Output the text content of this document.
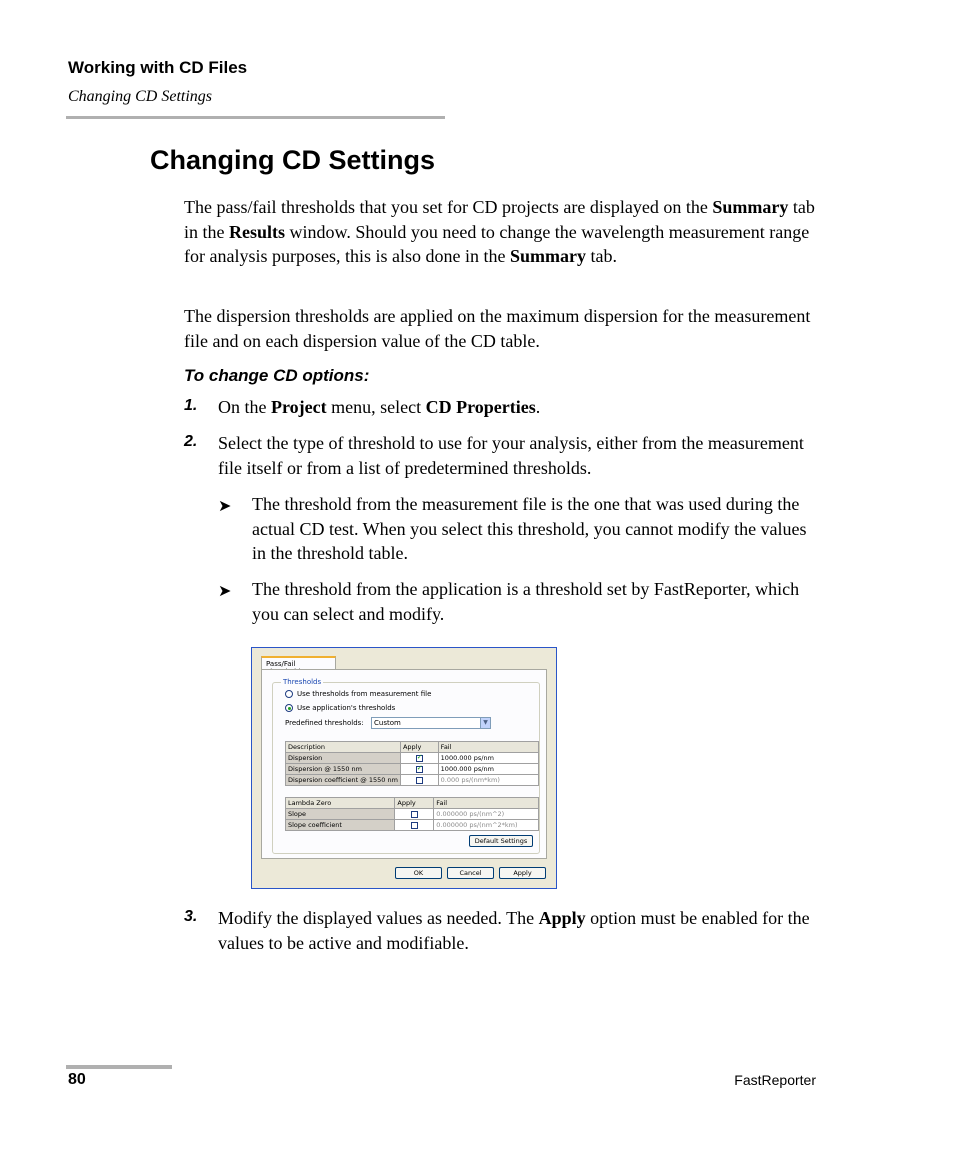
Working with CD Files
Changing CD Settings
Changing CD Settings

The pass/fail thresholds that you set for CD projects are displayed on the Summary tab in the Results window. Should you need to change the wavelength measurement range for analysis purposes, this is also done in the Summary tab.

The dispersion thresholds are applied on the maximum dispersion for the measurement file and on each dispersion value of the CD table.

To change CD options:
1. On the Project menu, select CD Properties.

2. Select the type of threshold to use for your analysis, either from the measurement file itself or from a list of predetermined thresholds.

➤ The threshold from the measurement file is the one that was used during the actual CD test. When you select this threshold, you cannot modify the values in the threshold table.

➤ The threshold from the application is a threshold set by FastReporter, which you can select and modify.

Pass/Fail
Thresholds
Use thresholds from measurement file
Use application's thresholds
Predefined thresholds:	Custom	▼
Description	Apply	Fail
Dispersion	✓	1000.000 ps/nm
Dispersion @ 1550 nm	✓	1000.000 ps/nm
Dispersion coefficient @ 1550 nm		0.000 ps/(nm*km)
Lambda Zero	Apply	Fail
Slope		0.000000 ps/(nm^2)
Slope coefficient		0.000000 ps/(nm^2*km)
Default Settings
OK	Cancel	Apply
3. Modify the displayed values as needed. The Apply option must be enabled for the values to be active and modifiable.

80	FastReporter
